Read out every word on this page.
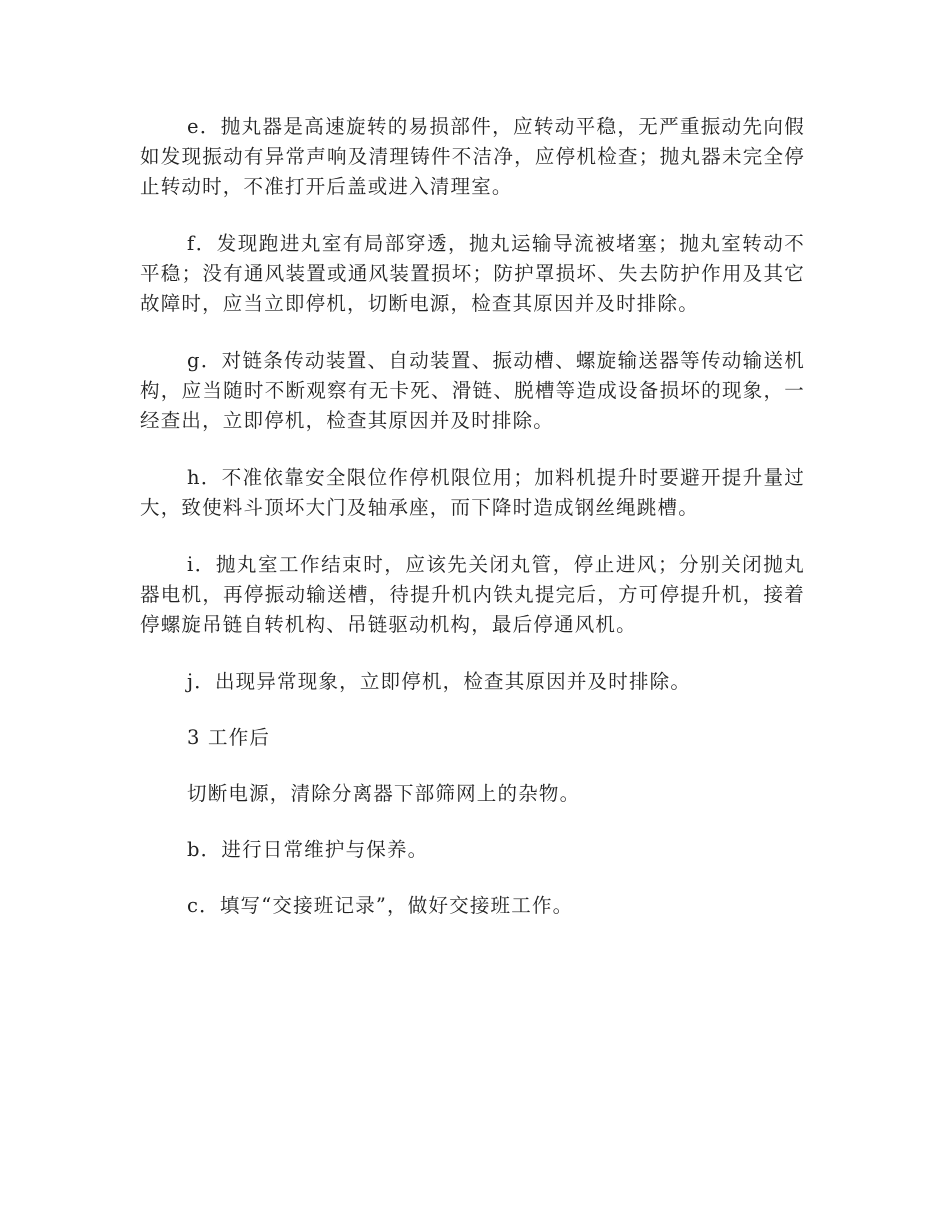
e．抛丸器是高速旋转的易损部件，应转动平稳，无严重振动先向假如发现振动有异常声响及清理铸件不洁净，应停机检查；抛丸器未完全停止转动时，不准打开后盖或进入清理室。

f．发现跑进丸室有局部穿透，抛丸运输导流被堵塞；抛丸室转动不平稳；没有通风装置或通风装置损坏；防护罩损坏、失去防护作用及其它故障时，应当立即停机，切断电源，检查其原因并及时排除。

g．对链条传动装置、自动装置、振动槽、螺旋输送器等传动输送机构，应当随时不断观察有无卡死、滑链、脱槽等造成设备损坏的现象，一经查出，立即停机，检查其原因并及时排除。

h．不准依靠安全限位作停机限位用；加料机提升时要避开提升量过大，致使料斗顶坏大门及轴承座，而下降时造成钢丝绳跳槽。

i．抛丸室工作结束时，应该先关闭丸管，停止进风；分别关闭抛丸器电机，再停振动输送槽，待提升机内铁丸提完后，方可停提升机，接着停螺旋吊链自转机构、吊链驱动机构，最后停通风机。

j．出现异常现象，立即停机，检查其原因并及时排除。

3 工作后

切断电源，清除分离器下部筛网上的杂物。

b．进行日常维护与保养。

c．填写“交接班记录”，做好交接班工作。
